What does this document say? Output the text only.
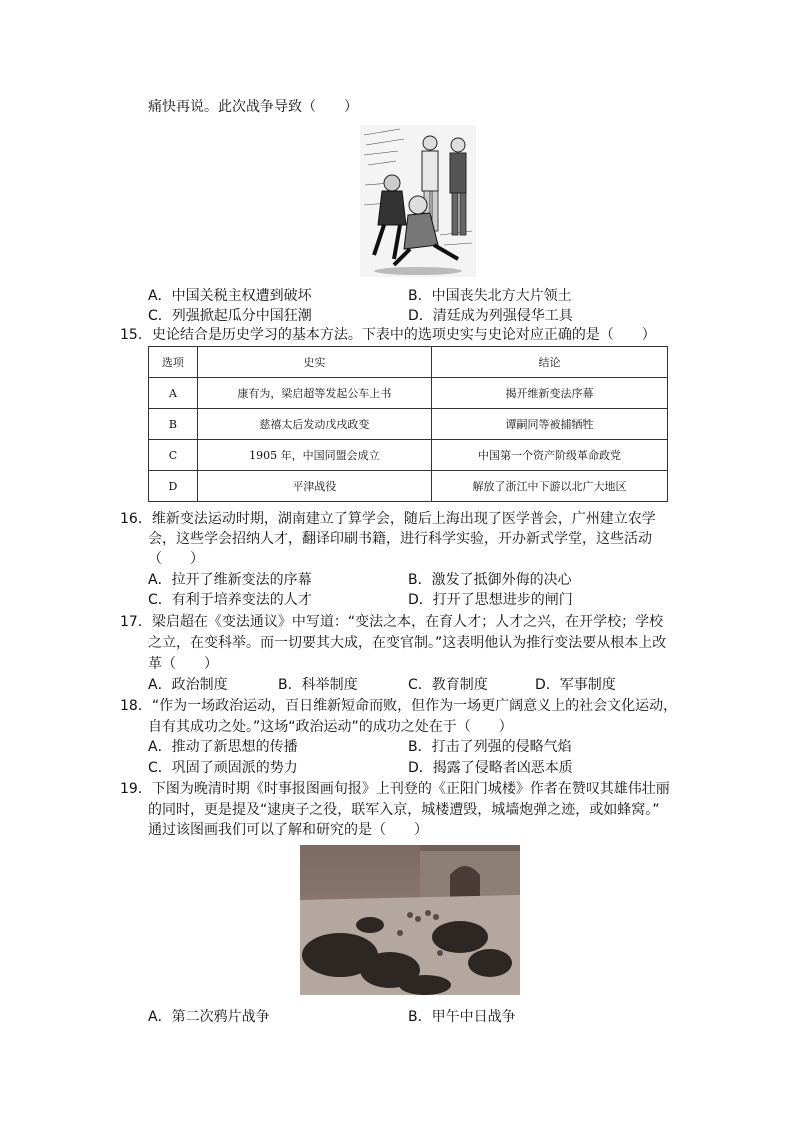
痛快再说。此次战争导致（　　）
A．中国关税主权遭到破坏	B．中国丧失北方大片领土
C．列强掀起瓜分中国狂潮	D．清廷成为列强侵华工具
15．史论结合是历史学习的基本方法。下表中的选项史实与史论对应正确的是（　　）
选项	史实	结论
A	康有为，梁启超等发起公车上书	揭开维新变法序幕
B	慈禧太后发动戊戌政变	谭嗣同等被捕牺牲
C	1905 年，中国同盟会成立	中国第一个资产阶级革命政党
D	平津战役	解放了浙江中下游以北广大地区
16．维新变法运动时期，湖南建立了算学会，随后上海出现了医学普会，广州建立农学
会，这些学会招纳人才，翻译印刷书籍，进行科学实验，开办新式学堂，这些活动
（　　）
A．拉开了维新变法的序幕	B．激发了抵御外侮的决心
C．有利于培养变法的人才	D．打开了思想进步的闸门
17．梁启超在《变法通议》中写道：“变法之本，在育人才；人才之兴，在开学校；学校
之立，在变科举。而一切要其大成，在变官制。”这表明他认为推行变法要从根本上改
革（　　）
A．政治制度	B．科举制度	C．教育制度	D．军事制度
18．“作为一场政治运动，百日维新短命而败，但作为一场更广阔意义上的社会文化运动，
自有其成功之处。”这场“政治运动”的成功之处在于（　　）
A．推动了新思想的传播	B．打击了列强的侵略气焰
C．巩固了顽固派的势力	D．揭露了侵略者凶恶本质
19．下图为晚清时期《时事报图画旬报》上刊登的《正阳门城楼》作者在赞叹其雄伟壮丽
的同时，更是提及“逮庚子之役，联军入京，城楼遭毁，城墙炮弹之迹，或如蜂窝。”
通过该图画我们可以了解和研究的是（　　）
A．第二次鸦片战争	B．甲午中日战争
